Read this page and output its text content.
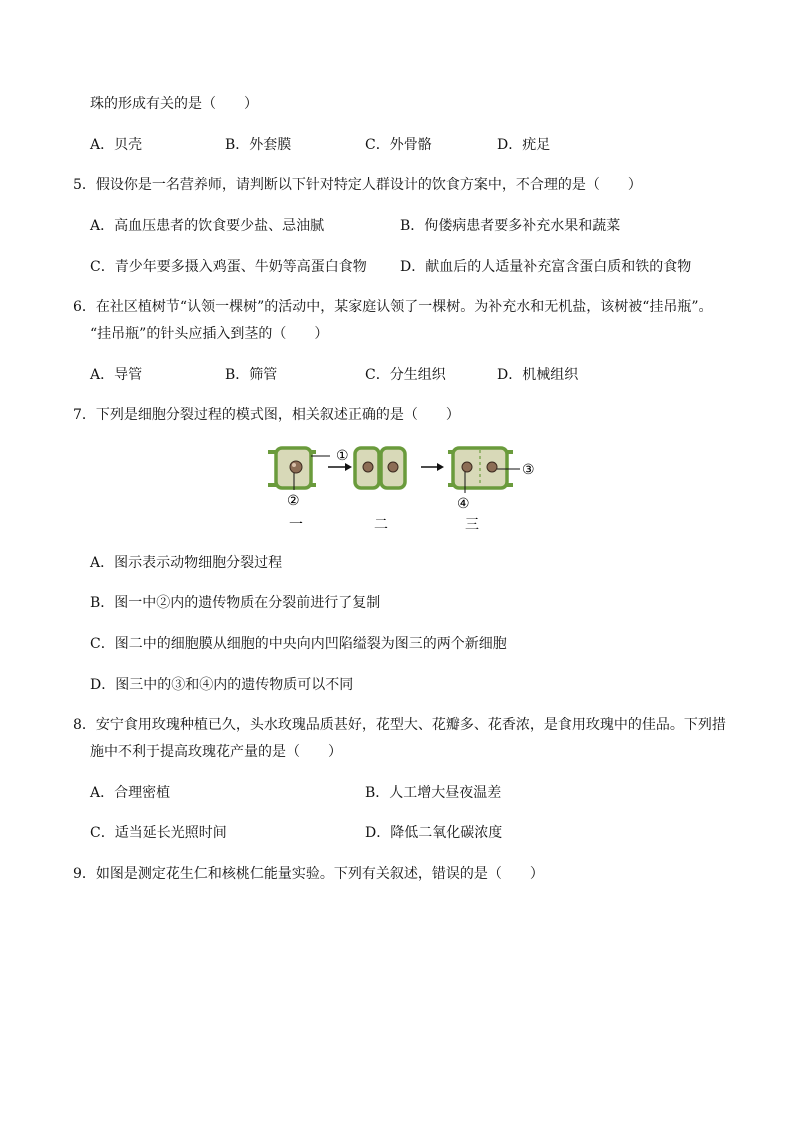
珠的形成有关的是（　　）
A．贝壳	B．外套膜	C．外骨骼	D．疣足
5．假设你是一名营养师，请判断以下针对特定人群设计的饮食方案中，不合理的是（　　）
A．高血压患者的饮食要少盐、忌油腻	B．佝偻病患者要多补充水果和蔬菜
C．青少年要多摄入鸡蛋、牛奶等高蛋白食物 D．献血后的人适量补充富含蛋白质和铁的食物
6．在社区植树节“认领一棵树”的活动中，某家庭认领了一棵树。为补充水和无机盐，该树被“挂吊瓶”。
“挂吊瓶”的针头应插入到茎的（　　）
A．导管	B．筛管	C．分生组织	D．机械组织
7．下列是细胞分裂过程的模式图，相关叙述正确的是（　　）
①
②
③
④
一	二	三
A．图示表示动物细胞分裂过程
B．图一中②内的遗传物质在分裂前进行了复制
C．图二中的细胞膜从细胞的中央向内凹陷缢裂为图三的两个新细胞
D．图三中的③和④内的遗传物质可以不同
8．安宁食用玫瑰种植已久，头水玫瑰品质甚好，花型大、花瓣多、花香浓，是食用玫瑰中的佳品。下列措
施中不利于提高玫瑰花产量的是（　　）
A．合理密植	B．人工增大昼夜温差
C．适当延长光照时间	D．降低二氧化碳浓度
9．如图是测定花生仁和核桃仁能量实验。下列有关叙述，错误的是（　　）
